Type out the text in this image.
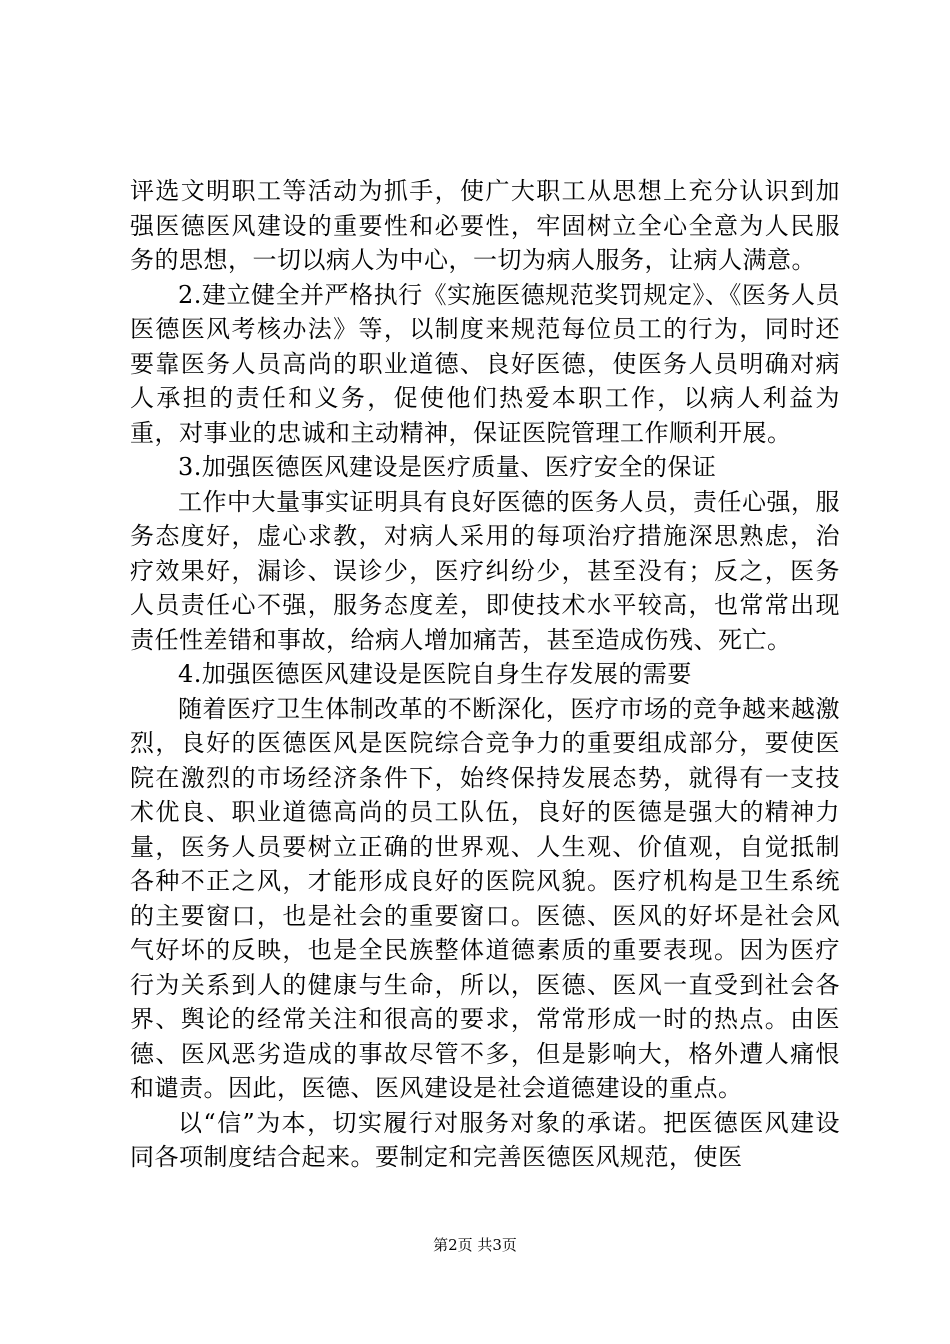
评选文明职工等活动为抓手，使广大职工从思想上充分认识到加强医德医风建设的重要性和必要性，牢固树立全心全意为人民服务的思想，一切以病人为中心，一切为病人服务，让病人满意。

2.建立健全并严格执行《实施医德规范奖罚规定》、《医务人员医德医风考核办法》等，以制度来规范每位员工的行为，同时还要靠医务人员高尚的职业道德、良好医德，使医务人员明确对病人承担的责任和义务，促使他们热爱本职工作，以病人利益为重，对事业的忠诚和主动精神，保证医院管理工作顺利开展。

3.加强医德医风建设是医疗质量、医疗安全的保证

工作中大量事实证明具有良好医德的医务人员，责任心强，服务态度好，虚心求教，对病人采用的每项治疗措施深思熟虑，治疗效果好，漏诊、误诊少，医疗纠纷少，甚至没有；反之，医务人员责任心不强，服务态度差，即使技术水平较高，也常常出现责任性差错和事故，给病人增加痛苦，甚至造成伤残、死亡。

4.加强医德医风建设是医院自身生存发展的需要

随着医疗卫生体制改革的不断深化，医疗市场的竞争越来越激烈，良好的医德医风是医院综合竞争力的重要组成部分，要使医院在激烈的市场经济条件下，始终保持发展态势，就得有一支技术优良、职业道德高尚的员工队伍，良好的医德是强大的精神力量，医务人员要树立正确的世界观、人生观、价值观，自觉抵制各种不正之风，才能形成良好的医院风貌。医疗机构是卫生系统的主要窗口，也是社会的重要窗口。医德、医风的好坏是社会风气好坏的反映，也是全民族整体道德素质的重要表现。因为医疗行为关系到人的健康与生命，所以，医德、医风一直受到社会各界、舆论的经常关注和很高的要求，常常形成一时的热点。由医德、医风恶劣造成的事故尽管不多，但是影响大，格外遭人痛恨和谴责。因此，医德、医风建设是社会道德建设的重点。

以“信”为本，切实履行对服务对象的承诺。把医德医风建设同各项制度结合起来。要制定和完善医德医风规范，使医

第2页 共3页
